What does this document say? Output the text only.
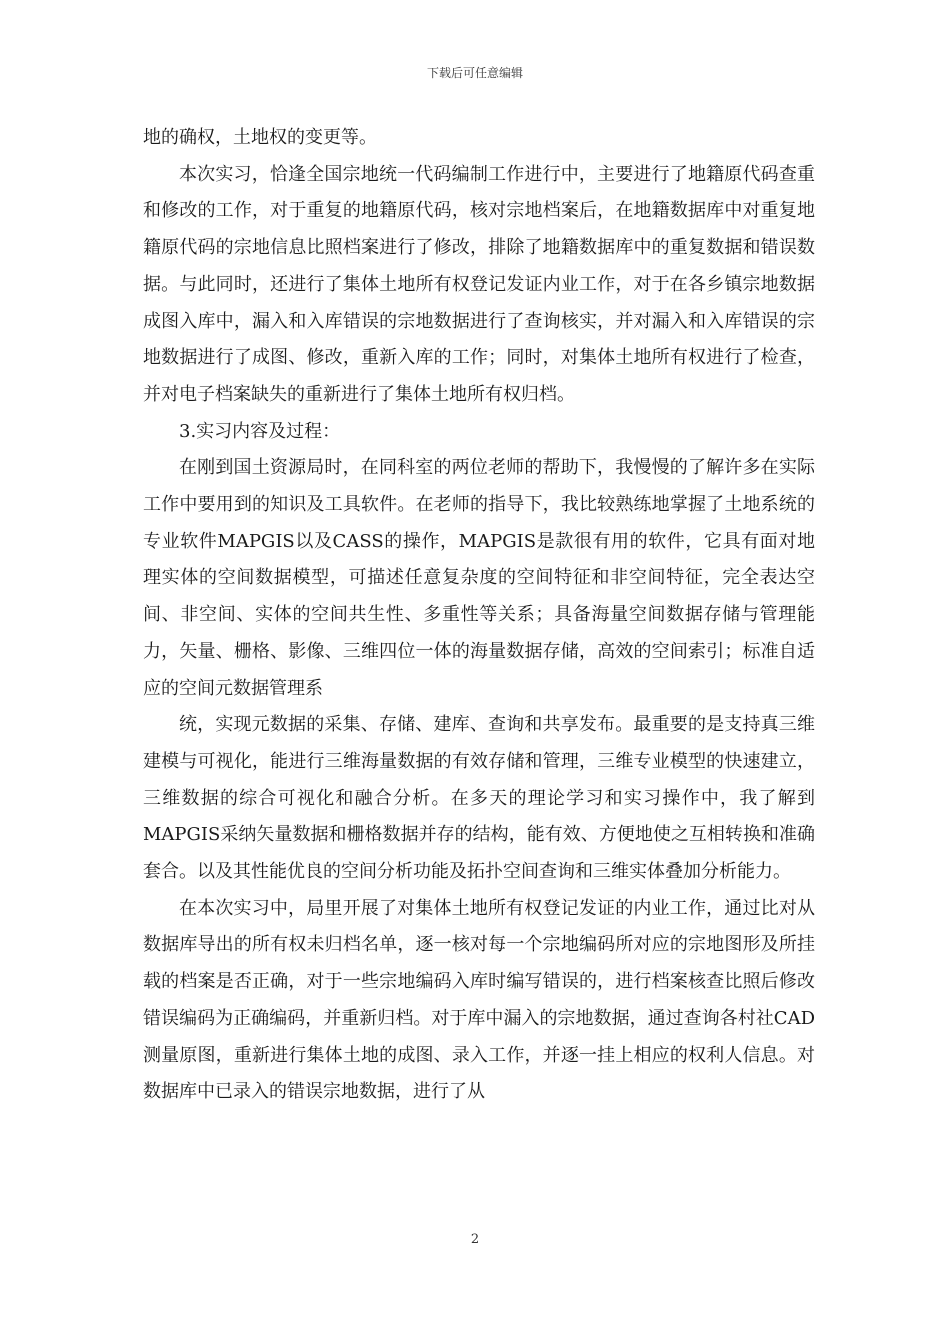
下载后可任意编辑

地的确权，土地权的变更等。

本次实习，恰逢全国宗地统一代码编制工作进行中，主要进行了地籍原代码查重和修改的工作，对于重复的地籍原代码，核对宗地档案后，在地籍数据库中对重复地籍原代码的宗地信息比照档案进行了修改，排除了地籍数据库中的重复数据和错误数据。与此同时，还进行了集体土地所有权登记发证内业工作，对于在各乡镇宗地数据成图入库中，漏入和入库错误的宗地数据进行了查询核实，并对漏入和入库错误的宗地数据进行了成图、修改，重新入库的工作；同时，对集体土地所有权进行了检查，并对电子档案缺失的重新进行了集体土地所有权归档。

3.实习内容及过程：

在刚到国土资源局时，在同科室的两位老师的帮助下，我慢慢的了解许多在实际工作中要用到的知识及工具软件。在老师的指导下，我比较熟练地掌握了土地系统的专业软件MAPGIS以及CASS的操作，MAPGIS是款很有用的软件，它具有面对地理实体的空间数据模型，可描述任意复杂度的空间特征和非空间特征，完全表达空间、非空间、实体的空间共生性、多重性等关系；具备海量空间数据存储与管理能力，矢量、栅格、影像、三维四位一体的海量数据存储，高效的空间索引；标准自适应的空间元数据管理系

统，实现元数据的采集、存储、建库、查询和共享发布。最重要的是支持真三维建模与可视化，能进行三维海量数据的有效存储和管理，三维专业模型的快速建立，三维数据的综合可视化和融合分析。在多天的理论学习和实习操作中，我了解到MAPGIS采纳矢量数据和栅格数据并存的结构，能有效、方便地使之互相转换和准确套合。以及其性能优良的空间分析功能及拓扑空间查询和三维实体叠加分析能力。

在本次实习中，局里开展了对集体土地所有权登记发证的内业工作，通过比对从数据库导出的所有权未归档名单，逐一核对每一个宗地编码所对应的宗地图形及所挂载的档案是否正确，对于一些宗地编码入库时编写错误的，进行档案核查比照后修改错误编码为正确编码，并重新归档。对于库中漏入的宗地数据，通过查询各村社CAD测量原图，重新进行集体土地的成图、录入工作，并逐一挂上相应的权利人信息。对数据库中已录入的错误宗地数据，进行了从

2
